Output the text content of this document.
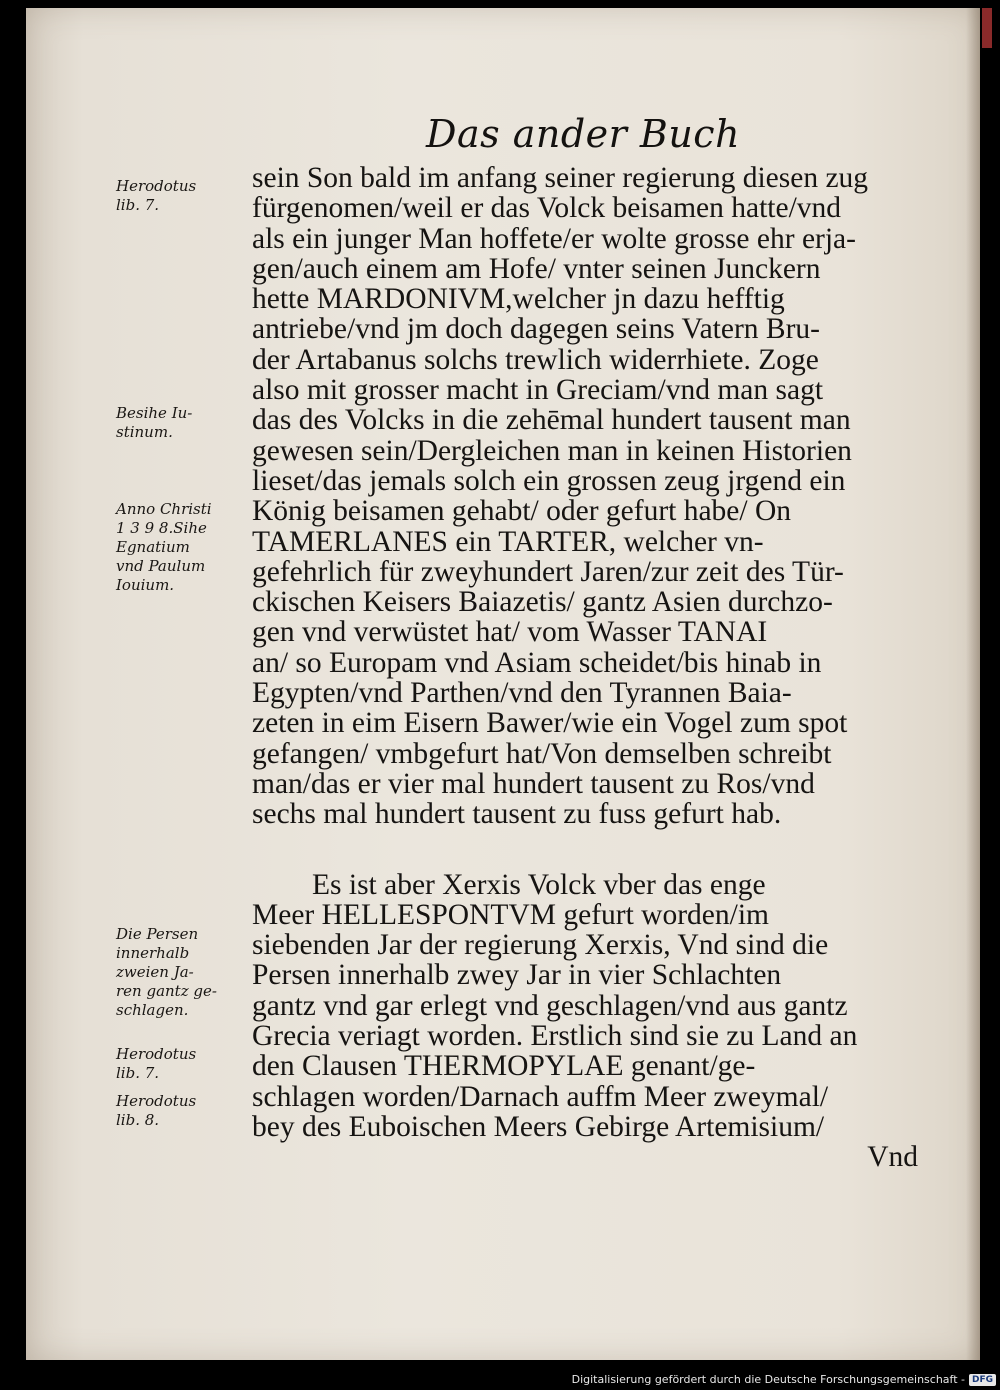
Das ander Buch
sein Son bald im anfang seiner regierung diesen zug
fürgenomen/weil er das Volck beisamen hatte/vnd
als ein junger Man hoffete/er wolte grosse ehr erja-
gen/auch einem am Hofe/ vnter seinen Junckern
hette MARDONIVM,welcher jn dazu hefftig
antriebe/vnd jm doch dagegen seins Vatern Bru-
der Artabanus solchs trewlich widerrhiete. Zoge
also mit grosser macht in Greciam/vnd man sagt
das des Volcks in die zehēmal hundert tausent man
gewesen sein/Dergleichen man in keinen Historien
lieset/das jemals solch ein grossen zeug jrgend ein
König beisamen gehabt/ oder gefurt habe/ On
TAMERLANES ein TARTER, welcher vn-
gefehrlich für zweyhundert Jaren/zur zeit des Tür-
ckischen Keisers Baiazetis/ gantz Asien durchzo-
gen vnd verwüstet hat/ vom Wasser TANAI
an/ so Europam vnd Asiam scheidet/bis hinab in
Egypten/vnd Parthen/vnd den Tyrannen Baia-
zeten in eim Eisern Bawer/wie ein Vogel zum spot
gefangen/ vmbgefurt hat/Von demselben schreibt
man/das er vier mal hundert tausent zu Ros/vnd
sechs mal hundert tausent zu fuss gefurt hab.
Es ist aber Xerxis Volck vber das enge
Meer HELLESPONTVM gefurt worden/im
siebenden Jar der regierung Xerxis, Vnd sind die
Persen innerhalb zwey Jar in vier Schlachten
gantz vnd gar erlegt vnd geschlagen/vnd aus gantz
Grecia veriagt worden. Erstlich sind sie zu Land an
den Clausen THERMOPYLAE genant/ge-
schlagen worden/Darnach auffm Meer zweymal/
bey des Euboischen Meers Gebirge Artemisium/
Vnd
Herodotus
lib. 7.
Besihe Iu-
stinum.
Anno Christi
1 3 9 8.Sihe
Egnatium
vnd Paulum
Iouium.
Die Persen
innerhalb
zweien Ja-
ren gantz ge-
schlagen.
Herodotus
lib. 7.
Herodotus
lib. 8.
Digitalisierung gefördert durch die Deutsche Forschungsgemeinschaft - DFG
